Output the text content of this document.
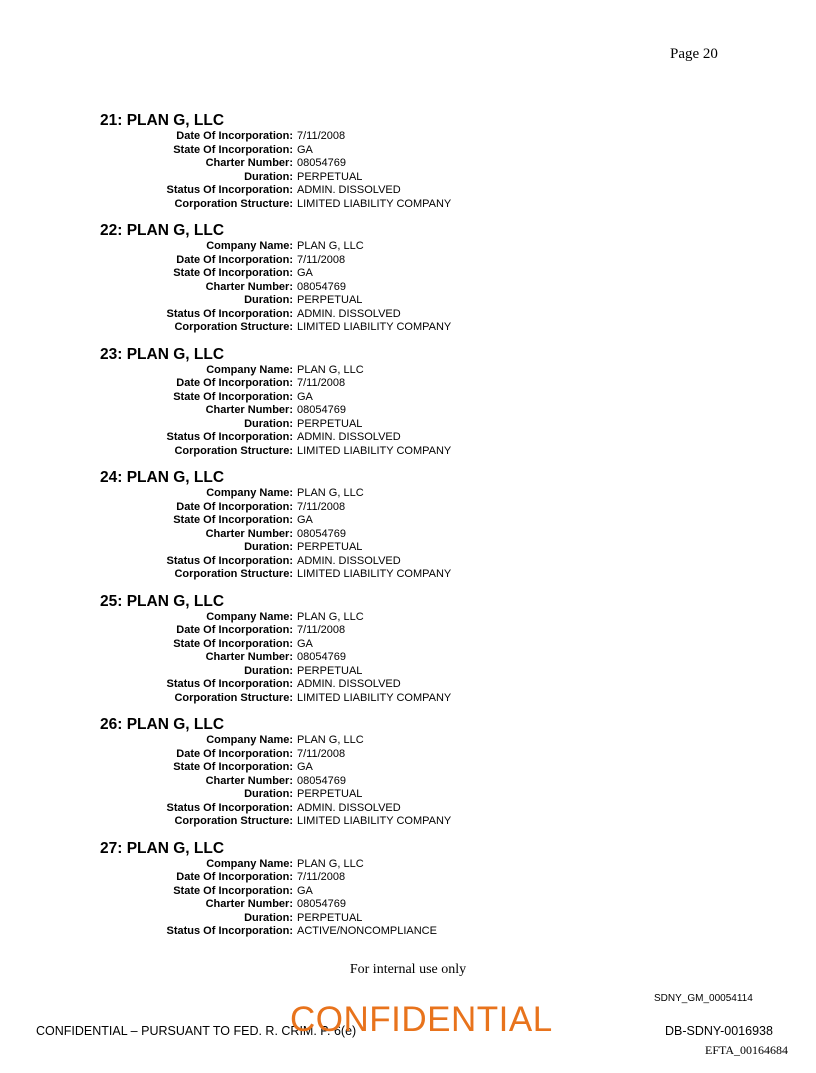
Page 20
21: PLAN G, LLC
Date Of Incorporation: 7/11/2008
State Of Incorporation: GA
Charter Number: 08054769
Duration: PERPETUAL
Status Of Incorporation: ADMIN. DISSOLVED
Corporation Structure: LIMITED LIABILITY COMPANY
22: PLAN G, LLC
Company Name: PLAN G, LLC
Date Of Incorporation: 7/11/2008
State Of Incorporation: GA
Charter Number: 08054769
Duration: PERPETUAL
Status Of Incorporation: ADMIN. DISSOLVED
Corporation Structure: LIMITED LIABILITY COMPANY
23: PLAN G, LLC
Company Name: PLAN G, LLC
Date Of Incorporation: 7/11/2008
State Of Incorporation: GA
Charter Number: 08054769
Duration: PERPETUAL
Status Of Incorporation: ADMIN. DISSOLVED
Corporation Structure: LIMITED LIABILITY COMPANY
24: PLAN G, LLC
Company Name: PLAN G, LLC
Date Of Incorporation: 7/11/2008
State Of Incorporation: GA
Charter Number: 08054769
Duration: PERPETUAL
Status Of Incorporation: ADMIN. DISSOLVED
Corporation Structure: LIMITED LIABILITY COMPANY
25: PLAN G, LLC
Company Name: PLAN G, LLC
Date Of Incorporation: 7/11/2008
State Of Incorporation: GA
Charter Number: 08054769
Duration: PERPETUAL
Status Of Incorporation: ADMIN. DISSOLVED
Corporation Structure: LIMITED LIABILITY COMPANY
26: PLAN G, LLC
Company Name: PLAN G, LLC
Date Of Incorporation: 7/11/2008
State Of Incorporation: GA
Charter Number: 08054769
Duration: PERPETUAL
Status Of Incorporation: ADMIN. DISSOLVED
Corporation Structure: LIMITED LIABILITY COMPANY
27: PLAN G, LLC
Company Name: PLAN G, LLC
Date Of Incorporation: 7/11/2008
State Of Incorporation: GA
Charter Number: 08054769
Duration: PERPETUAL
Status Of Incorporation: ACTIVE/NONCOMPLIANCE
For internal use only
SDNY_GM_00054114
CONFIDENTIAL – PURSUANT TO FED. R. CRIM. P. 6(e)
CONFIDENTIAL	DB-SDNY-0016938
EFTA_00164684
